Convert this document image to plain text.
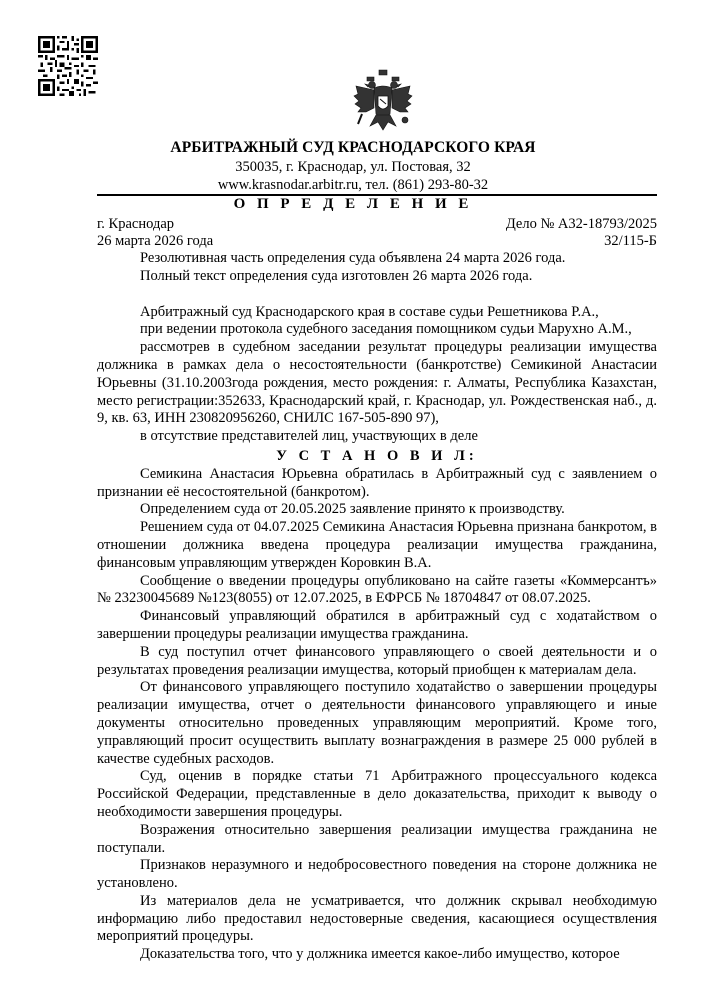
АРБИТРАЖНЫЙ СУД КРАСНОДАРСКОГО КРАЯ
350035, г. Краснодар, ул. Постовая, 32
www.krasnodar.arbitr.ru, тел. (861) 293-80-32
О П Р Е Д Е Л Е Н И Е
г. Краснодар	Дело № А32-18793/2025
26 марта 2026 года	32/115-Б

Резолютивная часть определения суда объявлена 24 марта 2026 года.

Полный текст определения суда изготовлен 26 марта 2026 года.

Арбитражный суд Краснодарского края в составе судьи Решетникова Р.А.,

при ведении протокола судебного заседания помощником судьи Марухно А.М.,

рассмотрев в судебном заседании результат процедуры реализации имущества должника в рамках дела о несостоятельности (банкротстве) Семикиной Анастасии Юрьевны (31.10.2003года рождения, место рождения: г. Алматы, Республика Казахстан, место регистрации:352633, Краснодарский край, г. Краснодар, ул. Рождественская наб., д. 9, кв. 63, ИНН 230820956260, СНИЛС 167-505-890 97),

в отсутствие представителей лиц, участвующих в деле

У С Т А Н О В И Л:

Семикина Анастасия Юрьевна обратилась в Арбитражный суд с заявлением о признании её несостоятельной (банкротом).

Определением суда от 20.05.2025 заявление принято к производству.

Решением суда от 04.07.2025 Семикина Анастасия Юрьевна признана банкротом, в отношении должника введена процедура реализации имущества гражданина, финансовым управляющим утвержден Коровкин В.А.

Сообщение о введении процедуры опубликовано на сайте газеты «Коммерсантъ» № 23230045689 №123(8055) от 12.07.2025, в ЕФРСБ № 18704847 от 08.07.2025.

Финансовый управляющий обратился в арбитражный суд с ходатайством о завершении процедуры реализации имущества гражданина.

В суд поступил отчет финансового управляющего о своей деятельности и о результатах проведения реализации имущества, который приобщен к материалам дела.

От финансового управляющего поступило ходатайство о завершении процедуры реализации имущества, отчет о деятельности финансового управляющего и иные документы относительно проведенных управляющим мероприятий. Кроме того, управляющий просит осуществить выплату вознаграждения в размере 25 000 рублей в качестве судебных расходов.

Суд, оценив в порядке статьи 71 Арбитражного процессуального кодекса Российской Федерации, представленные в дело доказательства, приходит к выводу о необходимости завершения процедуры.

Возражения относительно завершения реализации имущества гражданина не поступали.

Признаков неразумного и недобросовестного поведения на стороне должника не установлено.

Из материалов дела не усматривается, что должник скрывал необходимую информацию либо предоставил недостоверные сведения, касающиеся осуществления мероприятий процедуры.

Доказательства того, что у должника имеется какое-либо имущество, которое
